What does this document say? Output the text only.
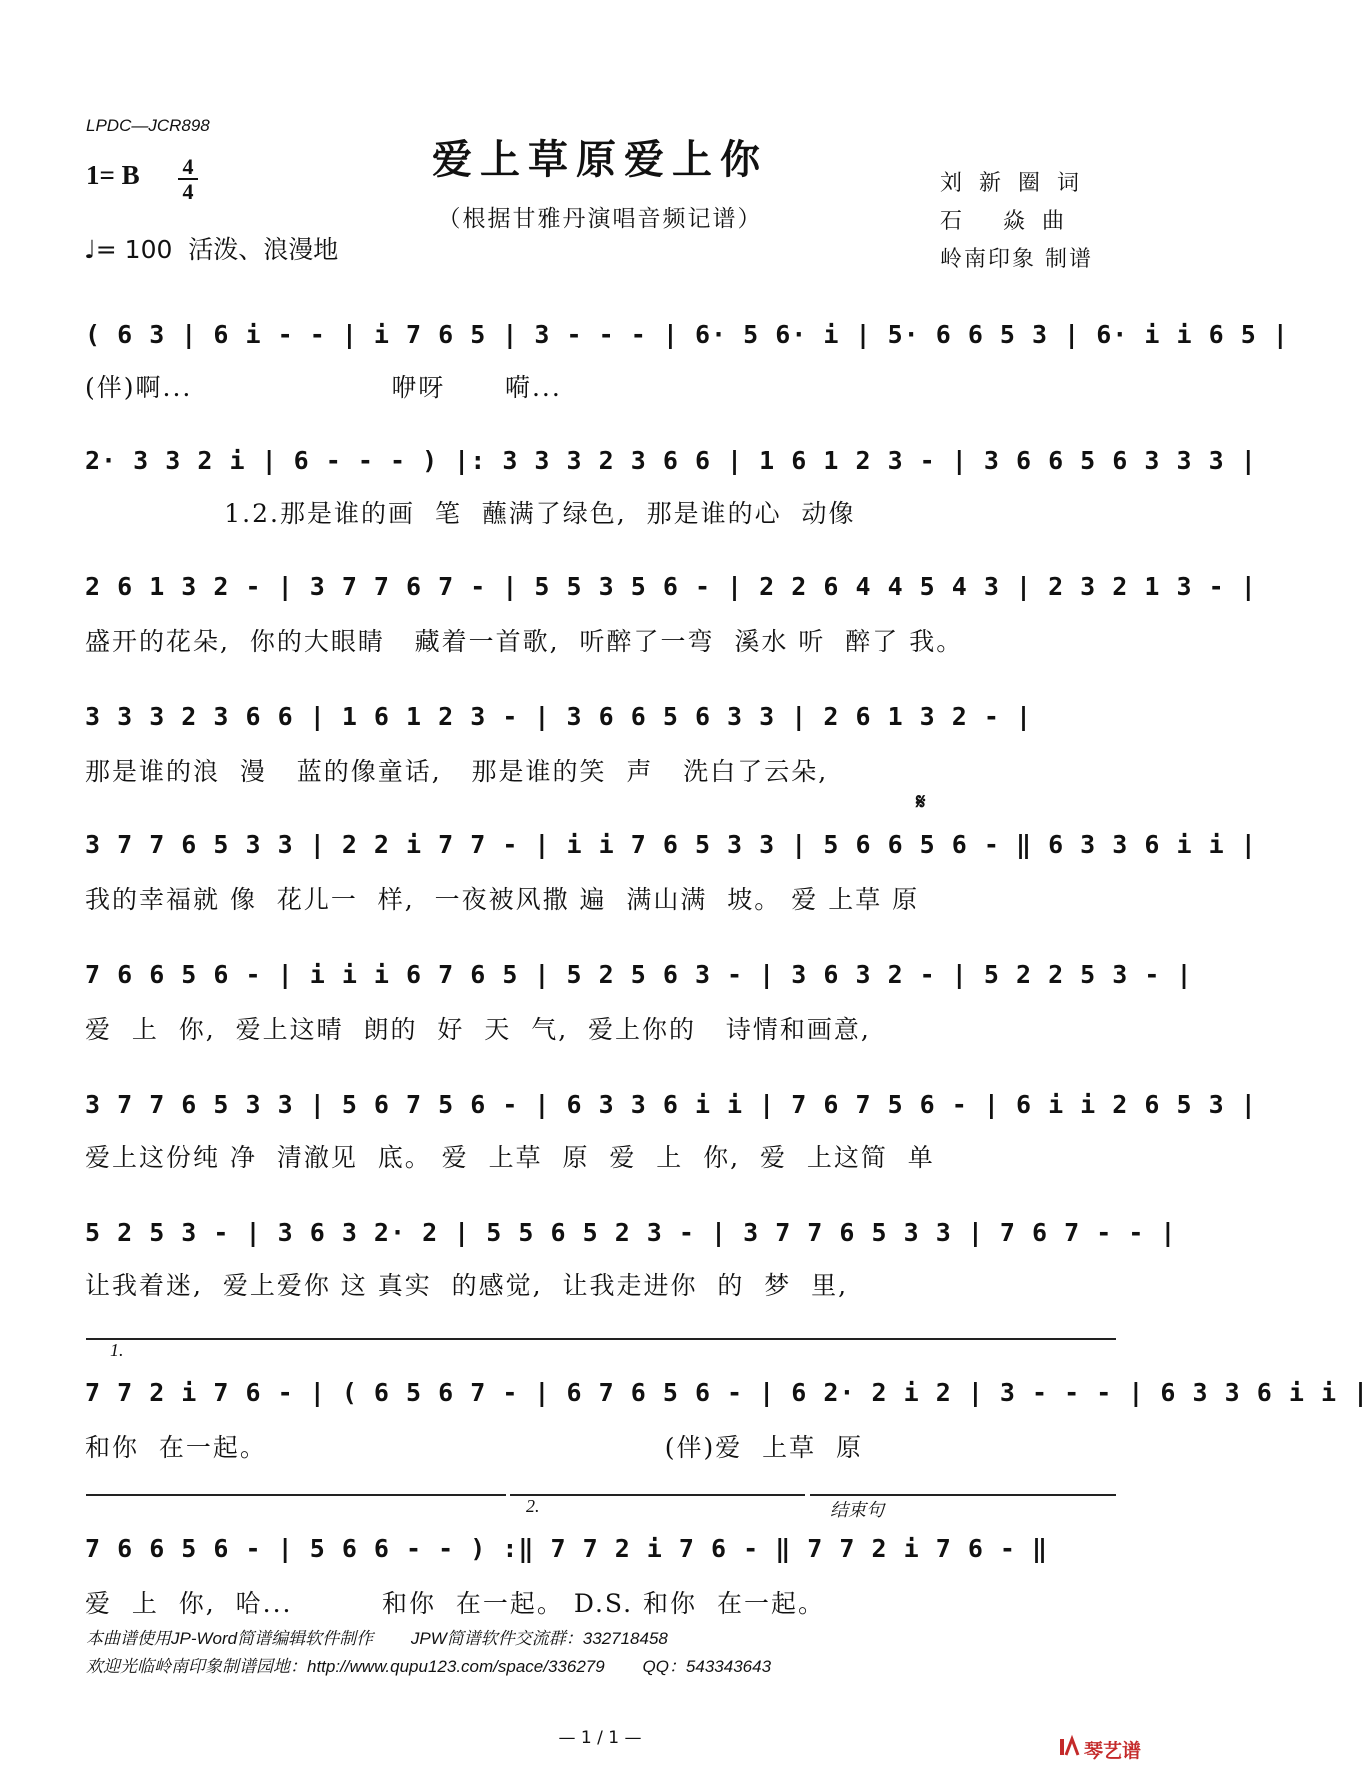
LPDC—JCR898
1= B 4
4
♩= 100  活泼、浪漫地
爱上草原爱上你
（根据甘雅丹演唱音频记谱）
刘 新 圈 词
石   焱 曲
岭南印象 制谱
( 6 3 | 6 i - - | i 7 6 5 | 3 - - - | 6· 5 6· i | 5· 6 6 5 3 | 6· i i 6 5 |
(伴)啊...                    咿呀      嗬...
2· 3 3 2 i | 6 - - - ) |: 3 3 3 2 3 6 6 | 1 6 1 2 3 - | 3 6 6 5 6 3 3 3 |
1.2.那是谁的画  笔  蘸满了绿色,  那是谁的心  动像
2 6 1 3 2 - | 3 7 7 6 7 - | 5 5 3 5 6 - | 2 2 6 4 4 5 4 3 | 2 3 2 1 3 - |
盛开的花朵,  你的大眼睛   藏着一首歌,  听醉了一弯  溪水 听  醉了 我。
3 3 3 2 3 6 6 | 1 6 1 2 3 - | 3 6 6 5 6 3 3 | 2 6 1 3 2 - |
那是谁的浪  漫   蓝的像童话,   那是谁的笑  声   洗白了云朵,
𝄋
3 7 7 6 5 3 3 | 2 2 i 7 7 - | i i 7 6 5 3 3 | 5 6 6 5 6 - ‖ 6 3 3 6 i i |
我的幸福就 像  花儿一  样,  一夜被风撒 遍  满山满  坡。 爱 上草 原
7 6 6 5 6 - | i i i 6 7 6 5 | 5 2 5 6 3 - | 3 6 3 2 - | 5 2 2 5 3 - |
爱  上  你,  爱上这晴  朗的  好  天  气,  爱上你的   诗情和画意,
3 7 7 6 5 3 3 | 5 6 7 5 6 - | 6 3 3 6 i i | 7 6 7 5 6 - | 6 i i 2 6 5 3 |
爱上这份纯 净  清澈见  底。 爱  上草  原  爱  上  你,  爱  上这简  单
5 2 5 3 - | 3 6 3 2· 2 | 5 5 6 5 2 3 - | 3 7 7 6 5 3 3 | 7 6 7 - - |
让我着迷,  爱上爱你 这 真实  的感觉,  让我走进你  的  梦  里,
1.
7 7 2 i 7 6 - | ( 6 5 6 7 - | 6 7 6 5 6 - | 6 2· 2 i 2 | 3 - - - | 6 3 3 6 i i |
和你  在一起。                                        (伴)爱  上草  原
2.	结束句
7 6 6 5 6 - | 5 6 6 - - ) :‖ 7 7 2 i 7 6 - ‖ 7 7 2 i 7 6 - ‖
爱  上  你,  哈...         和你  在一起。 D.S. 和你  在一起。
本曲谱使用JP-Word简谱编辑软件制作        JPW简谱软件交流群：332718458
欢迎光临岭南印象制谱园地：http://www.qupu123.com/space/336279        QQ：543343643
— 1 / 1 —
琴艺谱
